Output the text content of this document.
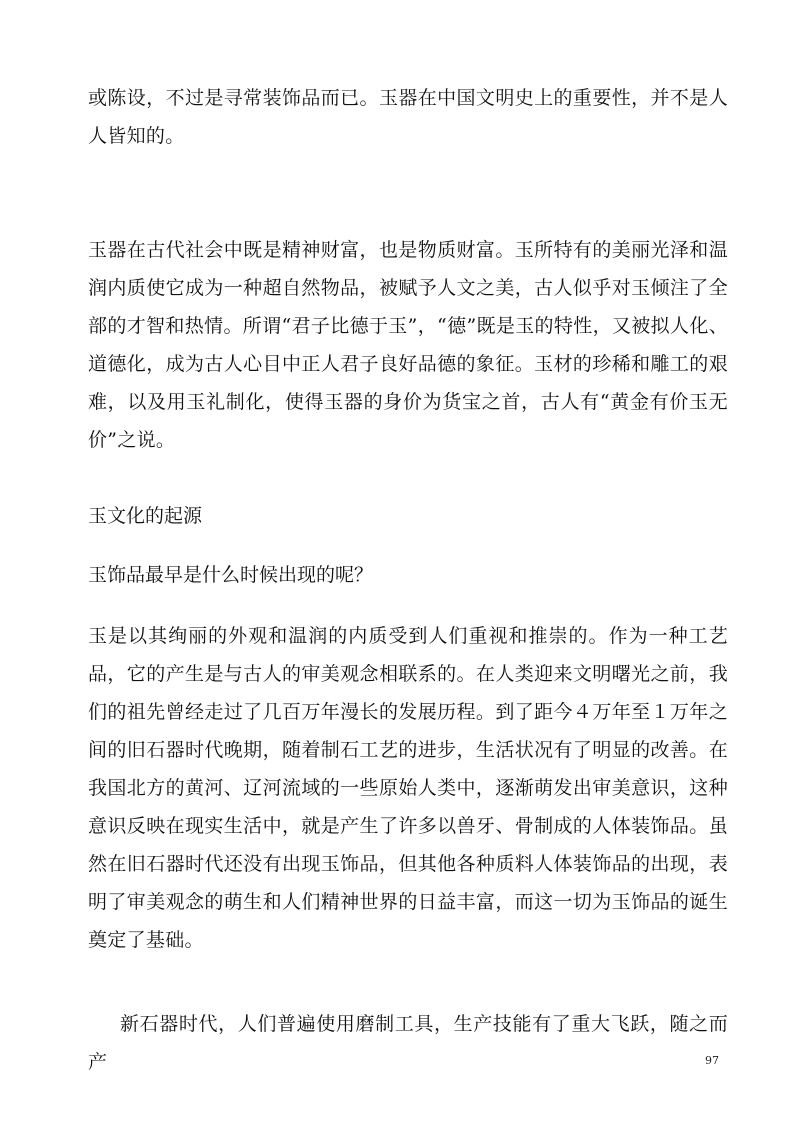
或陈设，不过是寻常装饰品而已。玉器在中国文明史上的重要性，并不是人人皆知的。

玉器在古代社会中既是精神财富，也是物质财富。玉所特有的美丽光泽和温润内质使它成为一种超自然物品，被赋予人文之美，古人似乎对玉倾注了全部的才智和热情。所谓“君子比德于玉”，“德”既是玉的特性，又被拟人化、道德化，成为古人心目中正人君子良好品德的象征。玉材的珍稀和雕工的艰难，以及用玉礼制化，使得玉器的身价为货宝之首，古人有“黄金有价玉无价”之说。

玉文化的起源

玉饰品最早是什么时候出现的呢？

玉是以其绚丽的外观和温润的内质受到人们重视和推崇的。作为一种工艺品，它的产生是与古人的审美观念相联系的。在人类迎来文明曙光之前，我们的祖先曾经走过了几百万年漫长的发展历程。到了距今４万年至１万年之间的旧石器时代晚期，随着制石工艺的进步，生活状况有了明显的改善。在我国北方的黄河、辽河流域的一些原始人类中，逐渐萌发出审美意识，这种意识反映在现实生活中，就是产生了许多以兽牙、骨制成的人体装饰品。虽然在旧石器时代还没有出现玉饰品，但其他各种质料人体装饰品的出现，表明了审美观念的萌生和人们精神世界的日益丰富，而这一切为玉饰品的诞生奠定了基础。

新石器时代，人们普遍使用磨制工具，生产技能有了重大飞跃，随之而产	97
